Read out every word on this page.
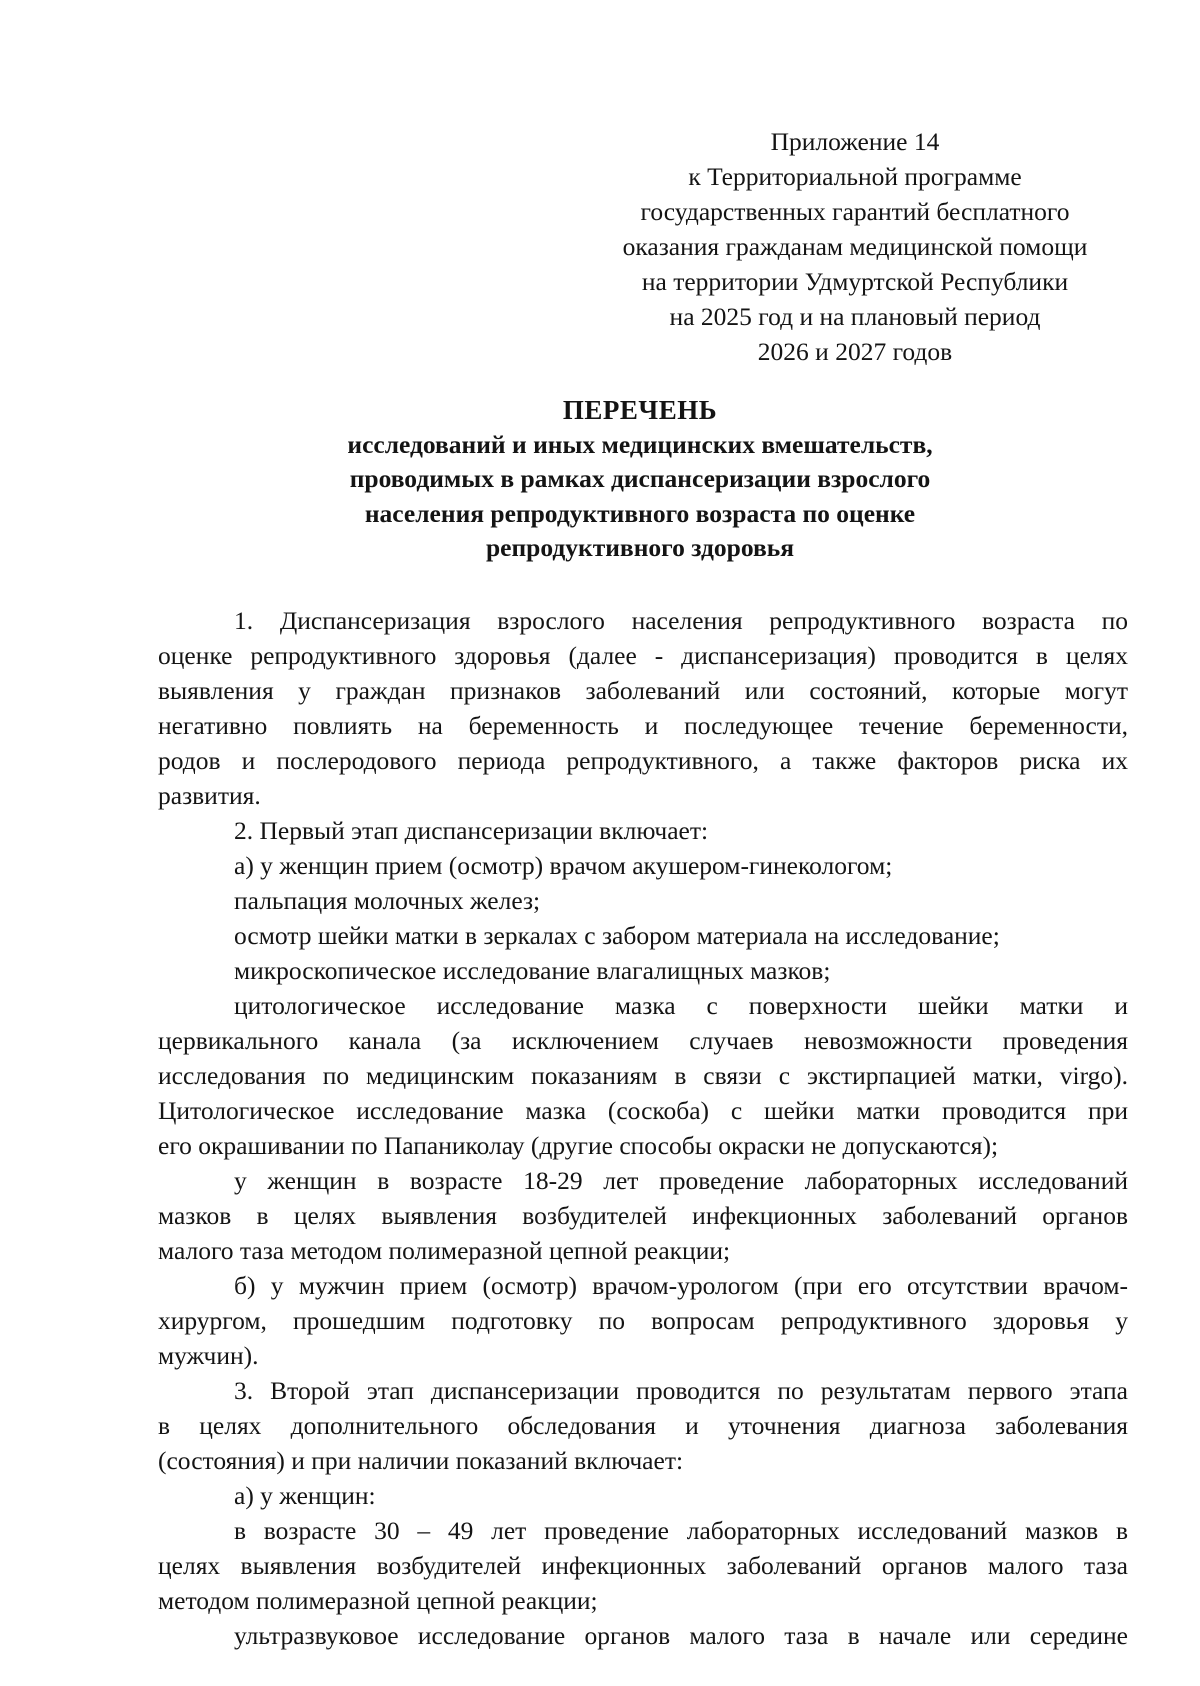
Приложение 14
к Территориальной программе
государственных гарантий бесплатного
оказания гражданам медицинской помощи
на территории Удмуртской Республики
на 2025 год и на плановый период
2026 и 2027 годов
ПЕРЕЧЕНЬ
исследований и иных медицинских вмешательств,
проводимых в рамках диспансеризации взрослого
населения репродуктивного возраста по оценке
репродуктивного здоровья
1. Диспансеризация взрослого населения репродуктивного возраста по
оценке репродуктивного здоровья (далее - диспансеризация) проводится в целях
выявления у граждан признаков заболеваний или состояний, которые могут
негативно повлиять на беременность и последующее течение беременности,
родов и послеродового периода репродуктивного, а также факторов риска их
развития.
2. Первый этап диспансеризации включает:
а) у женщин прием (осмотр) врачом акушером-гинекологом;
пальпация молочных желез;
осмотр шейки матки в зеркалах с забором материала на исследование;
микроскопическое исследование влагалищных мазков;
цитологическое исследование мазка с поверхности шейки матки и
цервикального канала (за исключением случаев невозможности проведения
исследования по медицинским показаниям в связи с экстирпацией матки, virgo).
Цитологическое исследование мазка (соскоба) с шейки матки проводится при
его окрашивании по Папаниколау (другие способы окраски не допускаются);
у женщин в возрасте 18-29 лет проведение лабораторных исследований
мазков в целях выявления возбудителей инфекционных заболеваний органов
малого таза методом полимеразной цепной реакции;
б) у мужчин прием (осмотр) врачом-урологом (при его отсутствии врачом-
хирургом, прошедшим подготовку по вопросам репродуктивного здоровья у
мужчин).
3. Второй этап диспансеризации проводится по результатам первого этапа
в целях дополнительного обследования и уточнения диагноза заболевания
(состояния) и при наличии показаний включает:
а) у женщин:
в возрасте 30 – 49 лет проведение лабораторных исследований мазков в
целях выявления возбудителей инфекционных заболеваний органов малого таза
методом полимеразной цепной реакции;
ультразвуковое исследование органов малого таза в начале или середине
